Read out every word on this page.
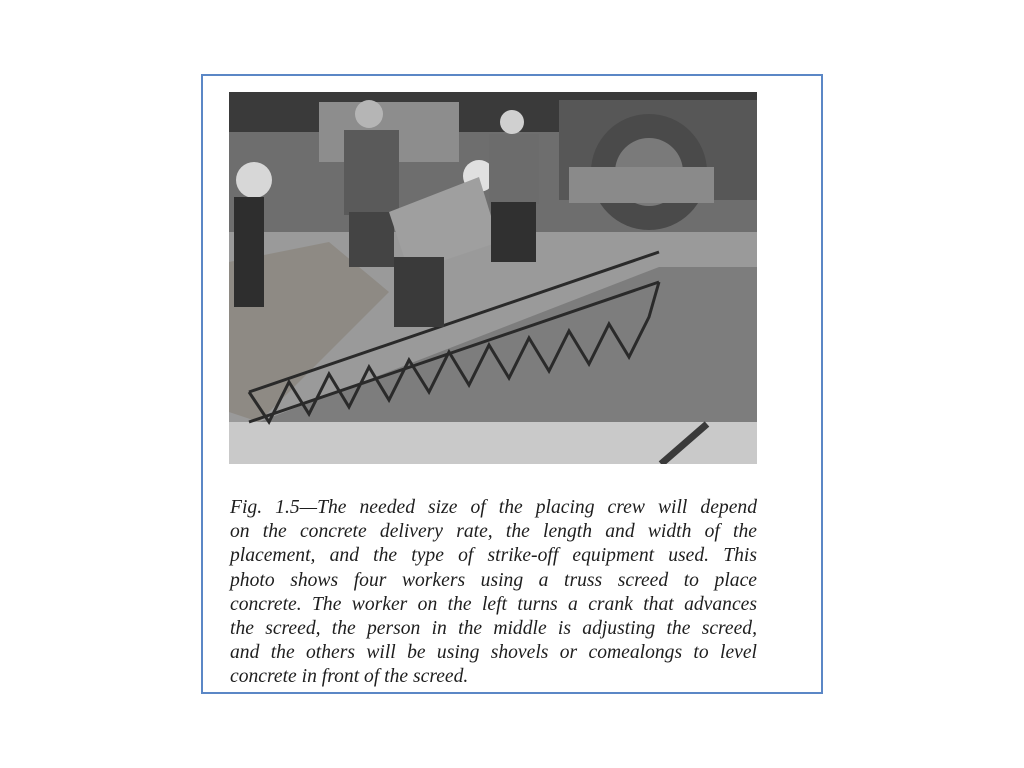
Fig. 1.5—The needed size of the placing crew will depend
on the concrete delivery rate, the length and width of the
placement, and the type of strike-off equipment used. This
photo shows four workers using a truss screed to place
concrete. The worker on the left turns a crank that advances
the screed, the person in the middle is adjusting the screed,
and the others will be using shovels or comealongs to level
concrete in front of the screed.
